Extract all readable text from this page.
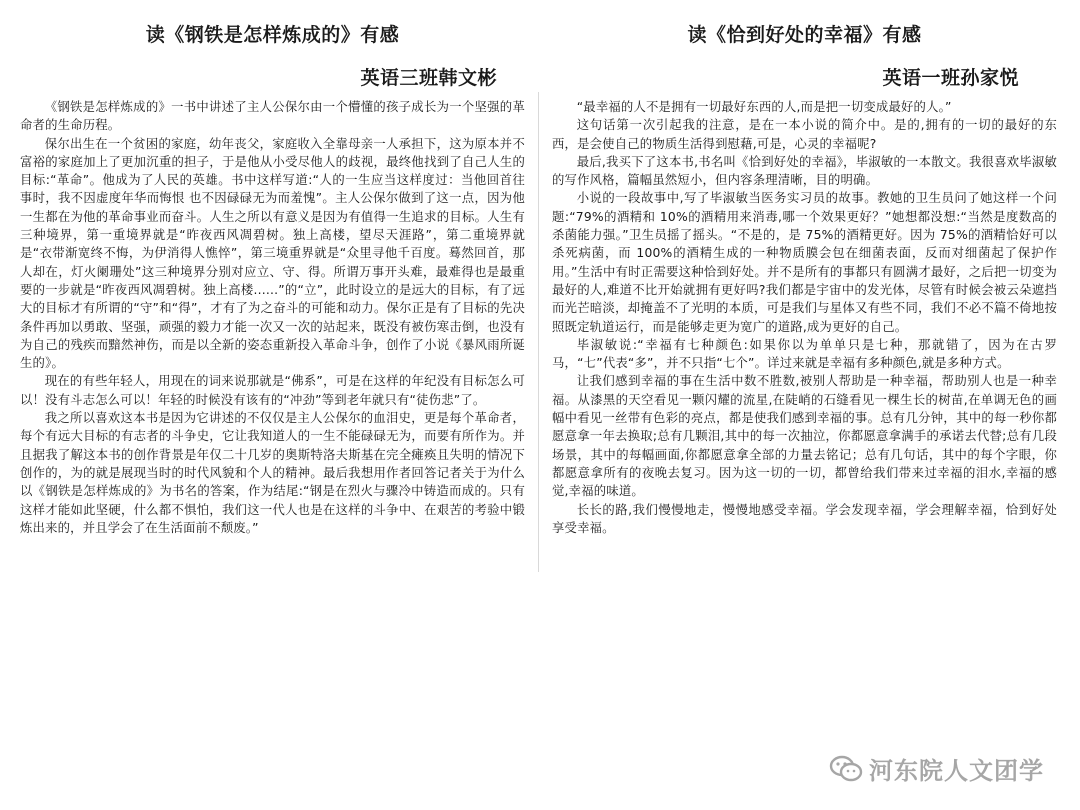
读《钢铁是怎样炼成的》有感
英语三班韩文彬

《钢铁是怎样炼成的》一书中讲述了主人公保尔由一个懵懂的孩子成长为一个坚强的革命者的生命历程。

保尔出生在一个贫困的家庭，幼年丧父，家庭收入全靠母亲一人承担下，这为原本并不富裕的家庭加上了更加沉重的担子，于是他从小受尽他人的歧视，最终他找到了自己人生的目标:“革命”。他成为了人民的英雄。书中这样写道:“人的一生应当这样度过：当他回首往事时，我不因虚度年华而悔恨 也不因碌碌无为而羞愧”。主人公保尔做到了这一点，因为他一生都在为他的革命事业而奋斗。人生之所以有意义是因为有值得一生追求的目标。人生有三种境界，第一重境界就是“昨夜西风凋碧树。独上高楼，望尽天涯路”，第二重境界就是“衣带渐宽终不悔，为伊消得人憔悴”，第三境重界就是“众里寻他千百度。蓦然回首，那人却在，灯火阑珊处”这三种境界分别对应立、守、得。所谓万事开头难，最难得也是最重要的一步就是“昨夜西风凋碧树。独上高楼......”的“立”，此时设立的是远大的目标，有了远大的目标才有所谓的“守”和“得”，才有了为之奋斗的可能和动力。保尔正是有了目标的先决条件再加以勇敢、坚强，顽强的毅力才能一次又一次的站起来，既没有被伤寒击倒，也没有为自己的残疾而黯然神伤，而是以全新的姿态重新投入革命斗争，创作了小说《暴风雨所诞生的》。

现在的有些年轻人，用现在的词来说那就是“佛系”，可是在这样的年纪没有目标怎么可以！没有斗志怎么可以！年轻的时候没有该有的“冲劲”等到老年就只有“徒伤悲”了。

我之所以喜欢这本书是因为它讲述的不仅仅是主人公保尔的血泪史，更是每个革命者，每个有远大目标的有志者的斗争史，它让我知道人的一生不能碌碌无为，而要有所作为。并且据我了解这本书的创作背景是年仅二十几岁的奥斯特洛夫斯基在完全瘫痪且失明的情况下创作的，为的就是展现当时的时代风貌和个人的精神。最后我想用作者回答记者关于为什么以《钢铁是怎样炼成的》为书名的答案，作为结尾:“钢是在烈火与骤冷中铸造而成的。只有这样才能如此坚硬，什么都不惧怕，我们这一代人也是在这样的斗争中、在艰苦的考验中锻炼出来的，并且学会了在生活面前不颓废。”

读《恰到好处的幸福》有感
英语一班孙家悦

“最幸福的人不是拥有一切最好东西的人,而是把一切变成最好的人。”

这句话第一次引起我的注意，是在一本小说的简介中。是的,拥有的一切的最好的东西，是会使自己的物质生活得到慰藉,可是，心灵的幸福呢?

最后,我买下了这本书,书名叫《恰到好处的幸福》，毕淑敏的一本散文。我很喜欢毕淑敏的写作风格，篇幅虽然短小，但内容条理清晰，目的明确。

小说的一段故事中,写了毕淑敏当医务实习员的故事。教她的卫生员问了她这样一个问题:“79%的酒精和 10%的酒精用来消毒,哪一个效果更好？”她想都没想:“当然是度数高的杀菌能力强。”卫生员摇了摇头。“不是的，是 75%的酒精更好。因为 75%的酒精恰好可以杀死病菌，而 100%的酒精生成的一种物质膜会包在细菌表面，反而对细菌起了保护作用。”生活中有时正需要这种恰到好处。并不是所有的事都只有圆满才最好，之后把一切变为最好的人,难道不比开始就拥有更好吗?我们都是宇宙中的发光体，尽管有时候会被云朵遮挡而光芒暗淡，却掩盖不了光明的本质，可是我们与星体又有些不同，我们不必不篇不倚地按照既定轨道运行，而是能够走更为宽广的道路,成为更好的自己。

毕淑敏说:“幸福有七种颜色:如果你以为单单只是七种，那就错了，因为在古罗马，“七”代表“多”，并不只指“七个”。详过来就是幸福有多种颜色,就是多种方式。

让我们感到幸福的事在生活中数不胜数,被别人帮助是一种幸福，帮助别人也是一种幸福。从漆黑的天空看见一颗闪耀的流星,在陡峭的石缝看见一棵生长的树苗,在单调无色的画幅中看见一丝带有色彩的亮点，都是使我们感到幸福的事。总有几分钟，其中的每一秒你都愿意拿一年去换取;总有几颗泪,其中的每一次抽泣，你都愿意拿满手的承诺去代替;总有几段场景，其中的每幅画面,你都愿意拿全部的力量去铭记；总有几句话，其中的每个字眼，你都愿意拿所有的夜晚去复习。因为这一切的一切，都曾给我们带来过幸福的泪水,幸福的感觉,幸福的味道。

长长的路,我们慢慢地走，慢慢地感受幸福。学会发现幸福，学会理解幸福，恰到好处享受幸福。

河东院人文团学
